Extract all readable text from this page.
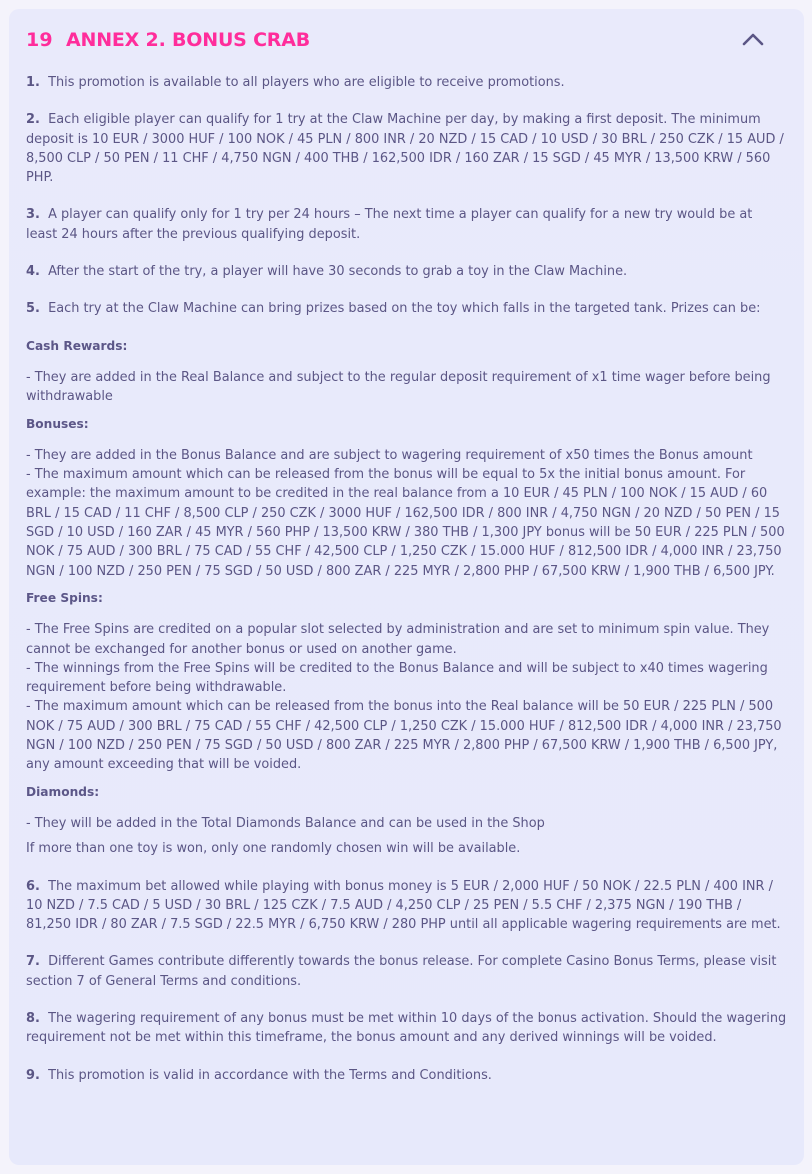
19 ANNEX 2. BONUS CRAB

1. This promotion is available to all players who are eligible to receive promotions.

2. Each eligible player can qualify for 1 try at the Claw Machine per day, by making a first deposit. The minimum deposit is 10 EUR / 3000 HUF / 100 NOK / 45 PLN / 800 INR / 20 NZD / 15 CAD / 10 USD / 30 BRL / 250 CZK / 15 AUD / 8,500 CLP / 50 PEN / 11 CHF / 4,750 NGN / 400 THB / 162,500 IDR / 160 ZAR / 15 SGD / 45 MYR / 13,500 KRW / 560 PHP.

3. A player can qualify only for 1 try per 24 hours – The next time a player can qualify for a new try would be at least 24 hours after the previous qualifying deposit.

4. After the start of the try, a player will have 30 seconds to grab a toy in the Claw Machine.

5. Each try at the Claw Machine can bring prizes based on the toy which falls in the targeted tank. Prizes can be:

Cash Rewards:

- They are added in the Real Balance and subject to the regular deposit requirement of x1 time wager before being withdrawable

Bonuses:

- They are added in the Bonus Balance and are subject to wagering requirement of x50 times the Bonus amount

- The maximum amount which can be released from the bonus will be equal to 5x the initial bonus amount. For example: the maximum amount to be credited in the real balance from a 10 EUR / 45 PLN / 100 NOK / 15 AUD / 60 BRL / 15 CAD / 11 CHF / 8,500 CLP / 250 CZK / 3000 HUF / 162,500 IDR / 800 INR / 4,750 NGN / 20 NZD / 50 PEN / 15 SGD / 10 USD / 160 ZAR / 45 MYR / 560 PHP / 13,500 KRW / 380 THB / 1,300 JPY bonus will be 50 EUR / 225 PLN / 500 NOK / 75 AUD / 300 BRL / 75 CAD / 55 CHF / 42,500 CLP / 1,250 CZK / 15.000 HUF / 812,500 IDR / 4,000 INR / 23,750 NGN / 100 NZD / 250 PEN / 75 SGD / 50 USD / 800 ZAR / 225 MYR / 2,800 PHP / 67,500 KRW / 1,900 THB / 6,500 JPY.

Free Spins:

- The Free Spins are credited on a popular slot selected by administration and are set to minimum spin value. They cannot be exchanged for another bonus or used on another game.

- The winnings from the Free Spins will be credited to the Bonus Balance and will be subject to x40 times wagering requirement before being withdrawable.

- The maximum amount which can be released from the bonus into the Real balance will be 50 EUR / 225 PLN / 500 NOK / 75 AUD / 300 BRL / 75 CAD / 55 CHF / 42,500 CLP / 1,250 CZK / 15.000 HUF / 812,500 IDR / 4,000 INR / 23,750 NGN / 100 NZD / 250 PEN / 75 SGD / 50 USD / 800 ZAR / 225 MYR / 2,800 PHP / 67,500 KRW / 1,900 THB / 6,500 JPY, any amount exceeding that will be voided.

Diamonds:

- They will be added in the Total Diamonds Balance and can be used in the Shop

If more than one toy is won, only one randomly chosen win will be available.

6. The maximum bet allowed while playing with bonus money is 5 EUR / 2,000 HUF / 50 NOK / 22.5 PLN / 400 INR / 10 NZD / 7.5 CAD / 5 USD / 30 BRL / 125 CZK / 7.5 AUD / 4,250 CLP / 25 PEN / 5.5 CHF / 2,375 NGN / 190 THB / 81,250 IDR / 80 ZAR / 7.5 SGD / 22.5 MYR / 6,750 KRW / 280 PHP until all applicable wagering requirements are met.

7. Different Games contribute differently towards the bonus release. For complete Casino Bonus Terms, please visit section 7 of General Terms and conditions.

8. The wagering requirement of any bonus must be met within 10 days of the bonus activation. Should the wagering requirement not be met within this timeframe, the bonus amount and any derived winnings will be voided.

9. This promotion is valid in accordance with the Terms and Conditions.
